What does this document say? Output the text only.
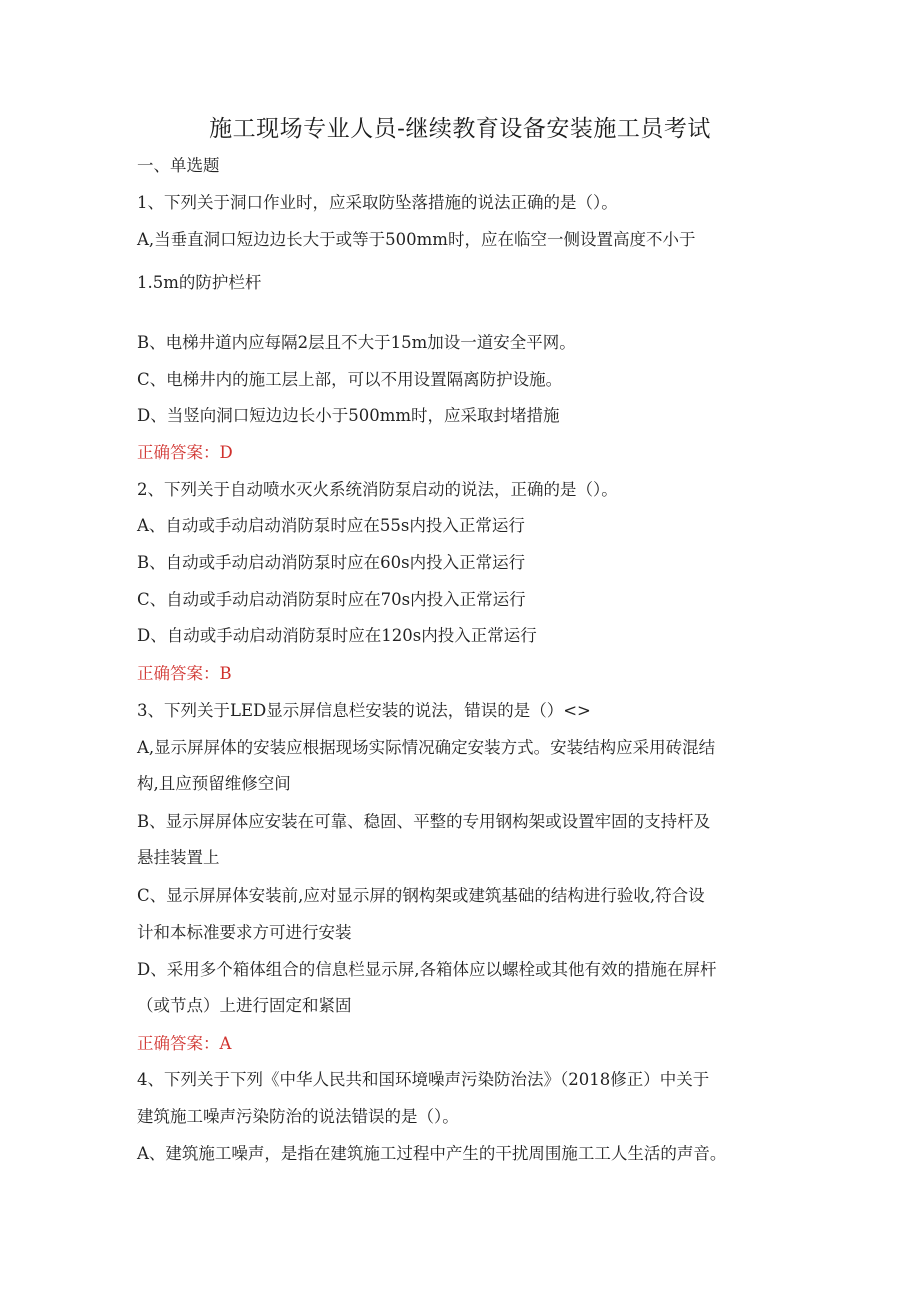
施工现场专业人员-继续教育设备安装施工员考试
一、单选题
1、下列关于洞口作业时，应采取防坠落措施的说法正确的是（）。
A,当垂直洞口短边边长大于或等于500mm时，应在临空一侧设置高度不小于
1.5m的防护栏杆
B、电梯井道内应每隔2层且不大于15m加设一道安全平网。
C、电梯井内的施工层上部，可以不用设置隔离防护设施。
D、当竖向洞口短边边长小于500mm时，应采取封堵措施
正确答案：D
2、下列关于自动喷水灭火系统消防泵启动的说法，正确的是（）。
A、自动或手动启动消防泵时应在55s内投入正常运行
B、自动或手动启动消防泵时应在60s内投入正常运行
C、自动或手动启动消防泵时应在70s内投入正常运行
D、自动或手动启动消防泵时应在120s内投入正常运行
正确答案：B
3、下列关于LED显示屏信息栏安装的说法，错误的是（）<>
A,显示屏屏体的安装应根据现场实际情况确定安装方式。安装结构应采用砖混结
构,且应预留维修空间
B、显示屏屏体应安装在可靠、稳固、平整的专用钢构架或设置牢固的支持杆及
悬挂装置上
C、显示屏屏体安装前,应对显示屏的钢构架或建筑基础的结构进行验收,符合设
计和本标准要求方可进行安装
D、采用多个箱体组合的信息栏显示屏,各箱体应以螺栓或其他有效的措施在屏杆
（或节点）上进行固定和紧固
正确答案：A
4、下列关于下列《中华人民共和国环境噪声污染防治法》（2018修正）中关于
建筑施工噪声污染防治的说法错误的是（）。
A、建筑施工噪声，是指在建筑施工过程中产生的干扰周围施工工人生活的声音。
